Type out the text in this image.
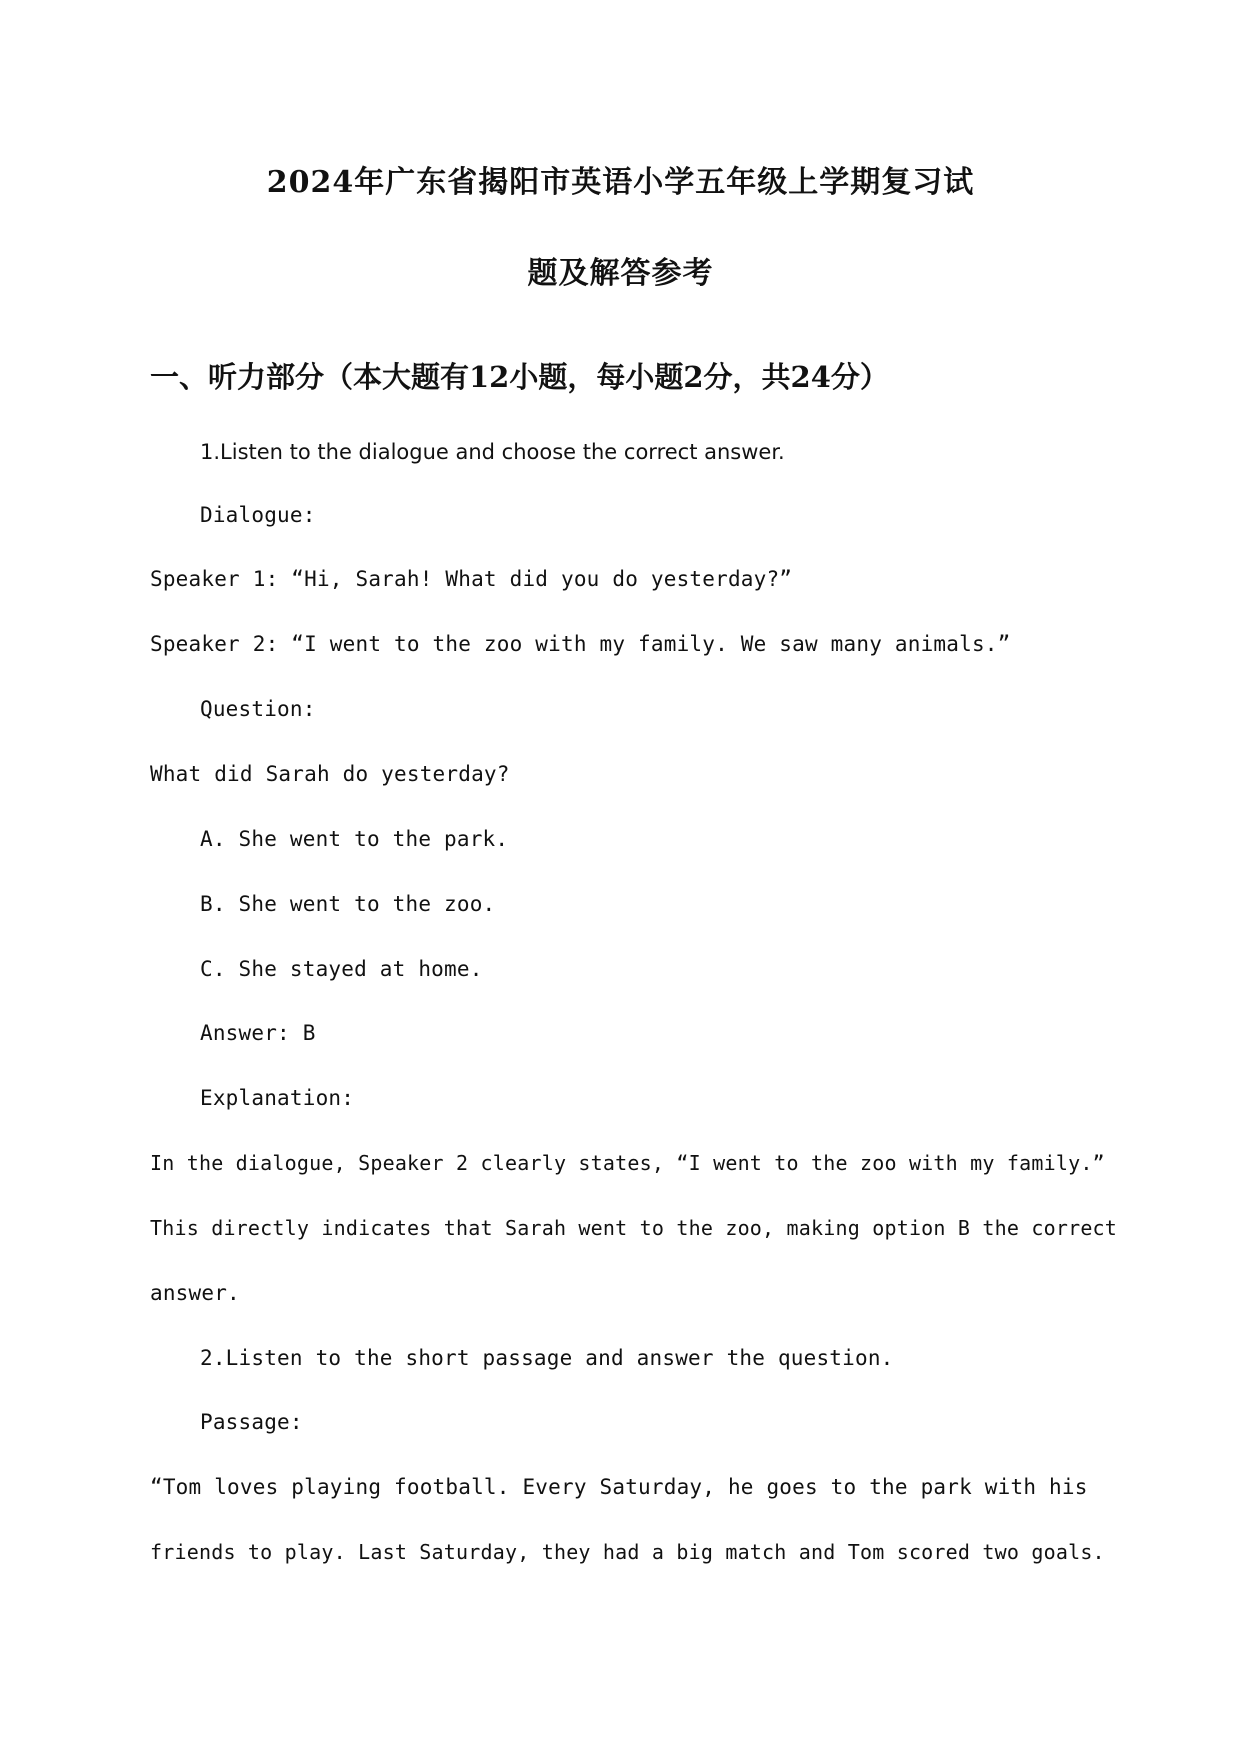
2024年广东省揭阳市英语小学五年级上学期复习试
题及解答参考
一、听力部分（本大题有12小题，每小题2分，共24分）
1.Listen to the dialogue and choose the correct answer.
Dialogue:
Speaker 1: “Hi, Sarah! What did you do yesterday?”
Speaker 2: “I went to the zoo with my family. We saw many animals.”
Question:
What did Sarah do yesterday?
A. She went to the park.
B. She went to the zoo.
C. She stayed at home.
Answer: B
Explanation:
In the dialogue, Speaker 2 clearly states, “I went to the zoo with my family.”
This directly indicates that Sarah went to the zoo, making option B the correct
answer.
2.Listen to the short passage and answer the question.
Passage:
“Tom loves playing football. Every Saturday, he goes to the park with his
friends to play. Last Saturday, they had a big match and Tom scored two goals.
